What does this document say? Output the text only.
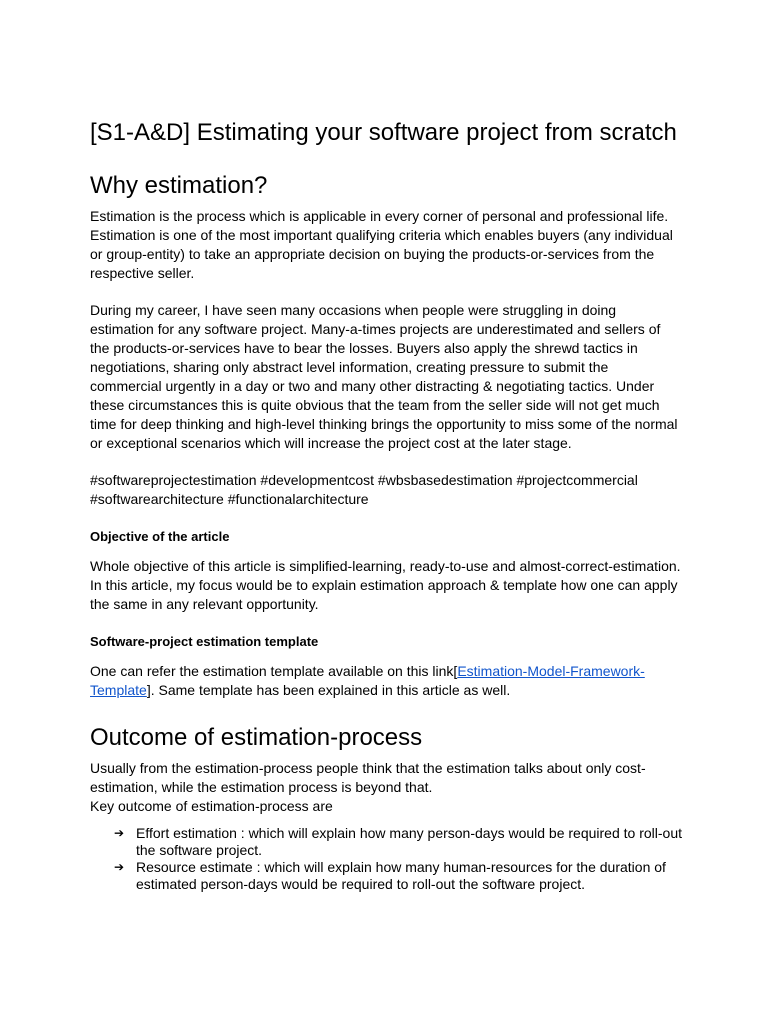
[S1-A&D] Estimating your software project from scratch
Why estimation?

Estimation is the process which is applicable in every corner of personal and professional life. Estimation is one of the most important qualifying criteria which enables buyers (any individual or group-entity) to take an appropriate decision on buying the products-or-services from the respective seller.

During my career, I have seen many occasions when people were struggling in doing estimation for any software project. Many-a-times projects are underestimated and sellers of the products-or-services have to bear the losses. Buyers also apply the shrewd tactics in negotiations, sharing only abstract level information, creating pressure to submit the commercial urgently in a day or two and many other distracting & negotiating tactics. Under these circumstances this is quite obvious that the team from the seller side will not get much time for deep thinking and high-level thinking brings the opportunity to miss some of the normal or exceptional scenarios which will increase the project cost at the later stage.

#softwareprojectestimation #developmentcost #wbsbasedestimation #projectcommercial #softwarearchitecture #functionalarchitecture

Objective of the article

Whole objective of this article is simplified-learning, ready-to-use and almost-correct-estimation. In this article, my focus would be to explain estimation approach & template how one can apply the same in any relevant opportunity.

Software-project estimation template

One can refer the estimation template available on this link[Estimation-Model-Framework-Template]. Same template has been explained in this article as well.

Outcome of estimation-process

Usually from the estimation-process people think that the estimation talks about only cost-estimation, while the estimation process is beyond that.
Key outcome of estimation-process are

➔ Effort estimation : which will explain how many person-days would be required to roll-out the software project.
➔ Resource estimate : which will explain how many human-resources for the duration of estimated person-days would be required to roll-out the software project.
